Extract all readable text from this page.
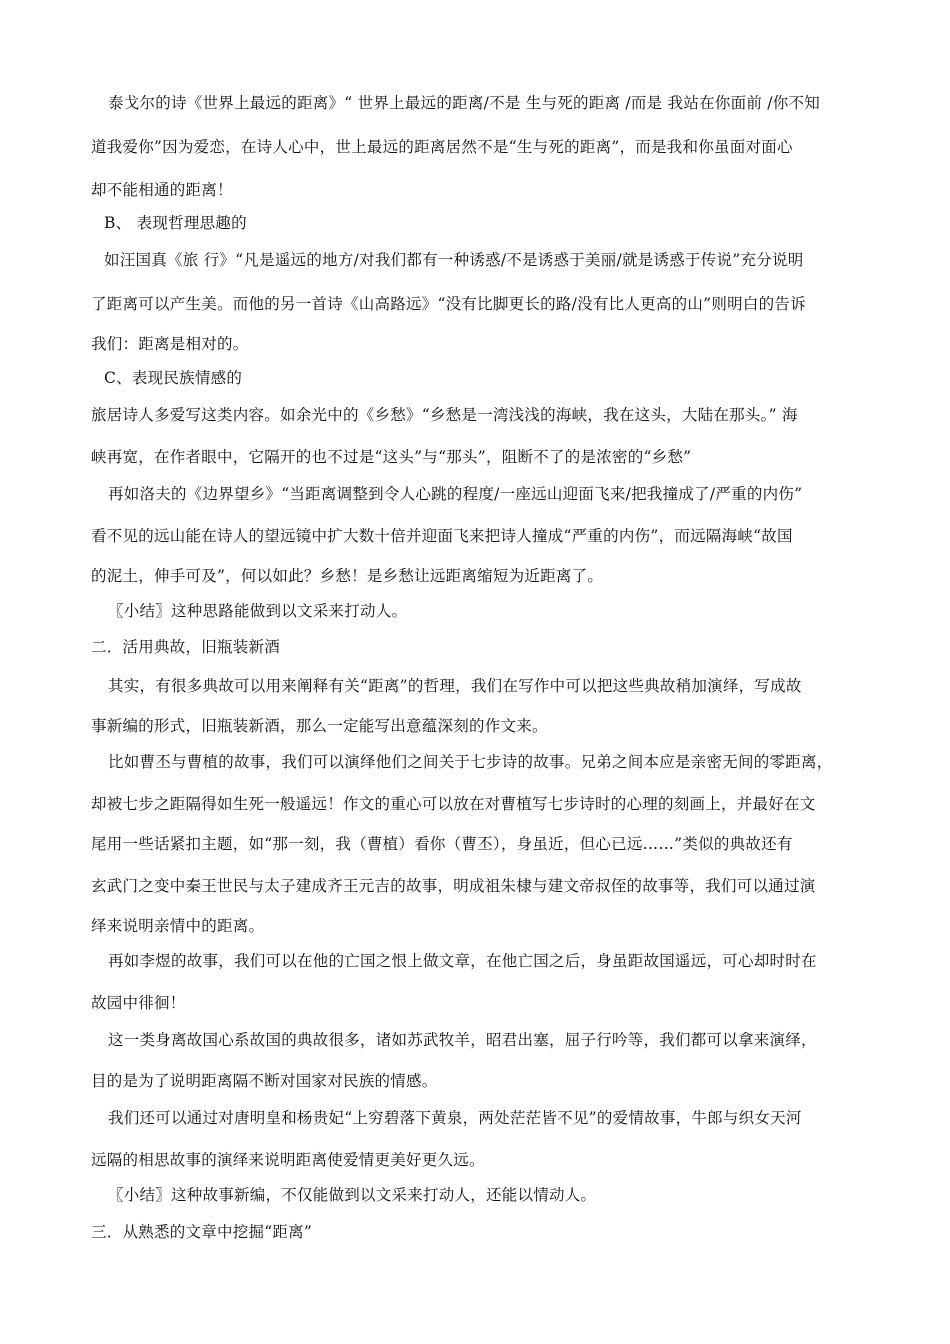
泰戈尔的诗《世界上最远的距离》“ 世界上最远的距离/不是 生与死的距离 /而是 我站在你面前 /你不知
道我爱你”因为爱恋，在诗人心中，世上最远的距离居然不是“生与死的距离”，而是我和你虽面对面心
却不能相通的距离！
B、 表现哲理思趣的
如汪国真《旅 行》“凡是遥远的地方/对我们都有一种诱惑/不是诱惑于美丽/就是诱惑于传说”充分说明
了距离可以产生美。而他的另一首诗《山高路远》“没有比脚更长的路/没有比人更高的山”则明白的告诉
我们：距离是相对的。
C、表现民族情感的
旅居诗人多爱写这类内容。如余光中的《乡愁》“乡愁是一湾浅浅的海峡，我在这头，大陆在那头。” 海
峡再宽，在作者眼中，它隔开的也不过是“这头”与“那头”，阻断不了的是浓密的“乡愁”
再如洛夫的《边界望乡》“当距离调整到令人心跳的程度/一座远山迎面飞来/把我撞成了/严重的内伤”
看不见的远山能在诗人的望远镜中扩大数十倍并迎面飞来把诗人撞成“严重的内伤”，而远隔海峡“故国
的泥土，伸手可及”，何以如此？乡愁！是乡愁让远距离缩短为近距离了。
〖小结〗这种思路能做到以文采来打动人。
二．活用典故，旧瓶装新酒
其实，有很多典故可以用来阐释有关“距离”的哲理，我们在写作中可以把这些典故稍加演绎，写成故
事新编的形式，旧瓶装新酒，那么一定能写出意蕴深刻的作文来。
比如曹丕与曹植的故事，我们可以演绎他们之间关于七步诗的故事。兄弟之间本应是亲密无间的零距离，
却被七步之距隔得如生死一般遥远！作文的重心可以放在对曹植写七步诗时的心理的刻画上，并最好在文
尾用一些话紧扣主题，如“那一刻，我（曹植）看你（曹丕），身虽近，但心已远……”类似的典故还有
玄武门之变中秦王世民与太子建成齐王元吉的故事，明成祖朱棣与建文帝叔侄的故事等，我们可以通过演
绎来说明亲情中的距离。
再如李煜的故事，我们可以在他的亡国之恨上做文章，在他亡国之后，身虽距故国遥远，可心却时时在
故园中徘徊！
这一类身离故国心系故国的典故很多，诸如苏武牧羊，昭君出塞，屈子行吟等，我们都可以拿来演绎，
目的是为了说明距离隔不断对国家对民族的情感。
我们还可以通过对唐明皇和杨贵妃“上穷碧落下黄泉，两处茫茫皆不见”的爱情故事，牛郎与织女天河
远隔的相思故事的演绎来说明距离使爱情更美好更久远。
〖小结〗这种故事新编，不仅能做到以文采来打动人，还能以情动人。
三．从熟悉的文章中挖掘“距离”
